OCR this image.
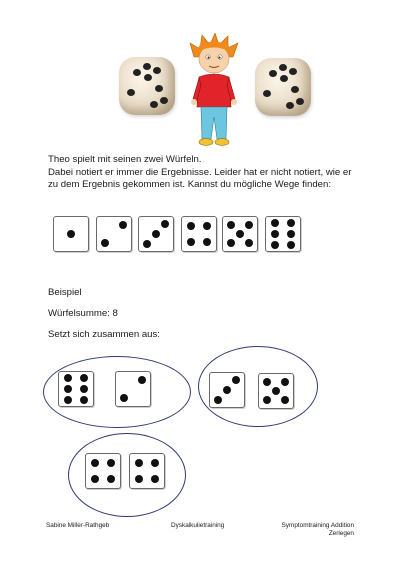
Theo spielt mit seinen zwei Würfeln.
Dabei notiert er immer die Ergebnisse. Leider hat er nicht notiert, wie er
zu dem Ergebnis gekommen ist. Kannst du mögliche Wege finden:
Beispiel
Würfelsumme: 8
Setzt sich zusammen aus:
Sabine Miller-Rathgeb	Dyskalkulietraining	Symptomtraining Addition
Zerlegen
